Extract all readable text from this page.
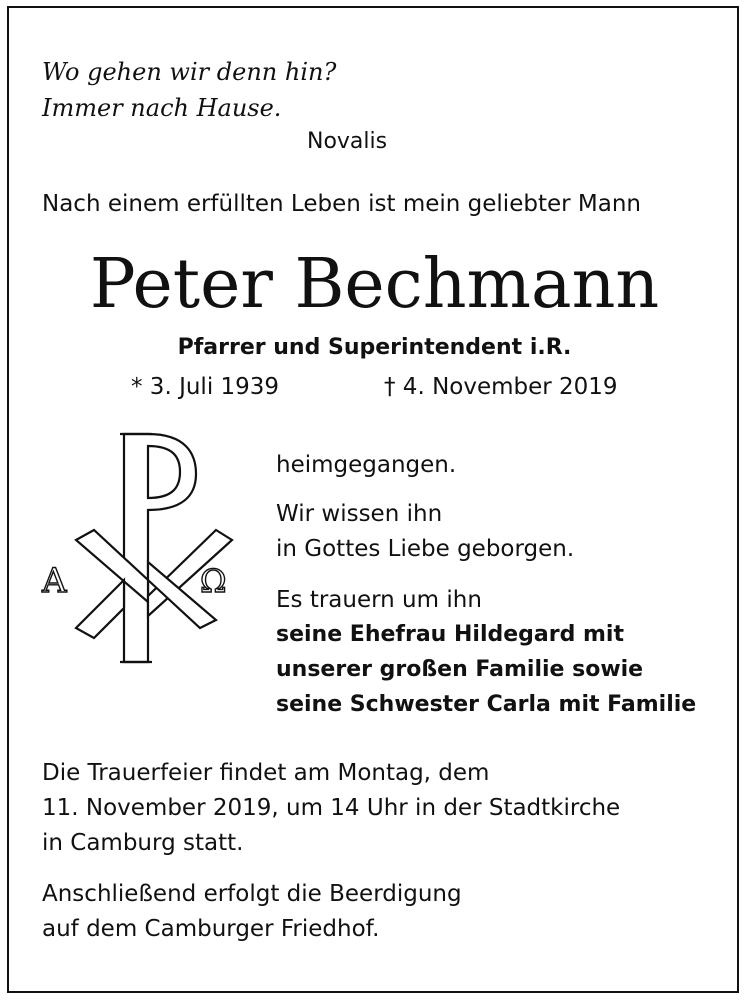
Wo gehen wir denn hin?

Immer nach Hause.

Novalis

Nach einem erfüllten Leben ist mein geliebter Mann

Peter Bechmann

Pfarrer und Superintendent i.R.

* 3. Juli 1939	† 4. November 2019

A	Ω

heimgegangen.

Wir wissen ihn

in Gottes Liebe geborgen.

Es trauern um ihn

seine Ehefrau Hildegard mit

unserer großen Familie sowie

seine Schwester Carla mit Familie

Die Trauerfeier findet am Montag, dem

11. November 2019, um 14 Uhr in der Stadtkirche

in Camburg statt.

Anschließend erfolgt die Beerdigung

auf dem Camburger Friedhof.
